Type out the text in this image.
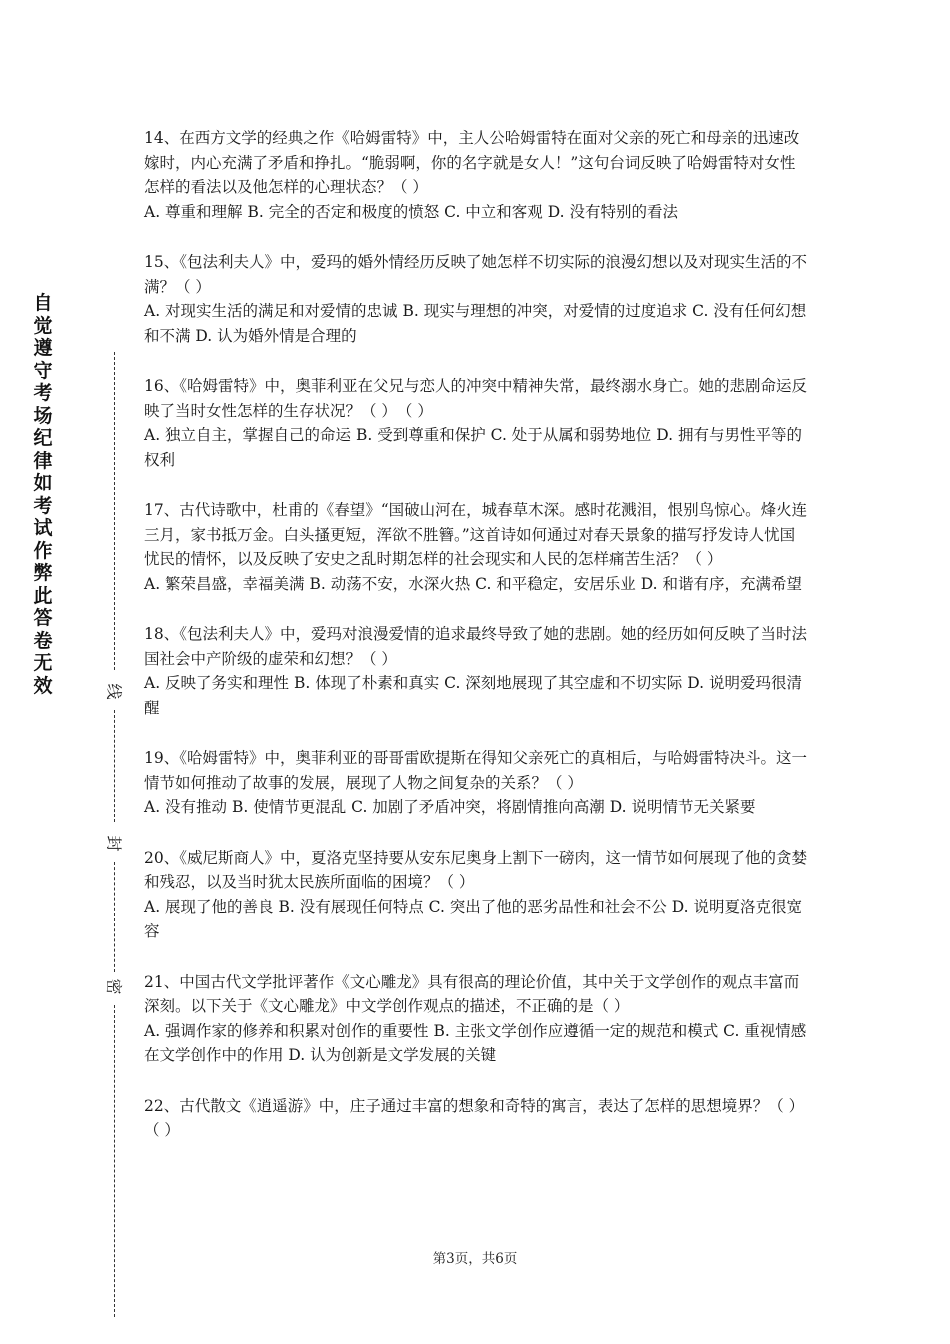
自觉遵守考场纪律如考试作弊此答卷无效	线
封
密

14、在西方文学的经典之作《哈姆雷特》中，主人公哈姆雷特在面对父亲的死亡和母亲的迅速改嫁时，内心充满了矛盾和挣扎。“脆弱啊，你的名字就是女人！”这句台词反映了哈姆雷特对女性怎样的看法以及他怎样的心理状态？（ ）

A. 尊重和理解 B. 完全的否定和极度的愤怒 C. 中立和客观 D. 没有特别的看法

15、《包法利夫人》中，爱玛的婚外情经历反映了她怎样不切实际的浪漫幻想以及对现实生活的不满？（ ）

A. 对现实生活的满足和对爱情的忠诚 B. 现实与理想的冲突，对爱情的过度追求 C. 没有任何幻想和不满 D. 认为婚外情是合理的

16、《哈姆雷特》中，奥菲利亚在父兄与恋人的冲突中精神失常，最终溺水身亡。她的悲剧命运反映了当时女性怎样的生存状况？（ ）　（ ）

A. 独立自主，掌握自己的命运 B. 受到尊重和保护 C. 处于从属和弱势地位 D. 拥有与男性平等的权利

17、古代诗歌中，杜甫的《春望》“国破山河在，城春草木深。感时花溅泪，恨别鸟惊心。烽火连三月，家书抵万金。白头搔更短，浑欲不胜簪。”这首诗如何通过对春天景象的描写抒发诗人忧国忧民的情怀，以及反映了安史之乱时期怎样的社会现实和人民的怎样痛苦生活？（ ）

A. 繁荣昌盛，幸福美满 B. 动荡不安，水深火热 C. 和平稳定，安居乐业 D. 和谐有序，充满希望

18、《包法利夫人》中，爱玛对浪漫爱情的追求最终导致了她的悲剧。她的经历如何反映了当时法国社会中产阶级的虚荣和幻想？（ ）

A. 反映了务实和理性 B. 体现了朴素和真实 C. 深刻地展现了其空虚和不切实际 D. 说明爱玛很清醒

19、《哈姆雷特》中，奥菲利亚的哥哥雷欧提斯在得知父亲死亡的真相后，与哈姆雷特决斗。这一情节如何推动了故事的发展，展现了人物之间复杂的关系？（ ）

A. 没有推动 B. 使情节更混乱 C. 加剧了矛盾冲突，将剧情推向高潮 D. 说明情节无关紧要

20、《威尼斯商人》中，夏洛克坚持要从安东尼奥身上割下一磅肉，这一情节如何展现了他的贪婪和残忍，以及当时犹太民族所面临的困境？（ ）

A. 展现了他的善良 B. 没有展现任何特点 C. 突出了他的恶劣品性和社会不公 D. 说明夏洛克很宽容

21、中国古代文学批评著作《文心雕龙》具有很高的理论价值，其中关于文学创作的观点丰富而深刻。以下关于《文心雕龙》中文学创作观点的描述，不正确的是（ ）

A. 强调作家的修养和积累对创作的重要性 B. 主张文学创作应遵循一定的规范和模式 C. 重视情感在文学创作中的作用 D. 认为创新是文学发展的关键

22、古代散文《逍遥游》中，庄子通过丰富的想象和奇特的寓言，表达了怎样的思想境界？（ ）　（ ）

第3页，共6页
